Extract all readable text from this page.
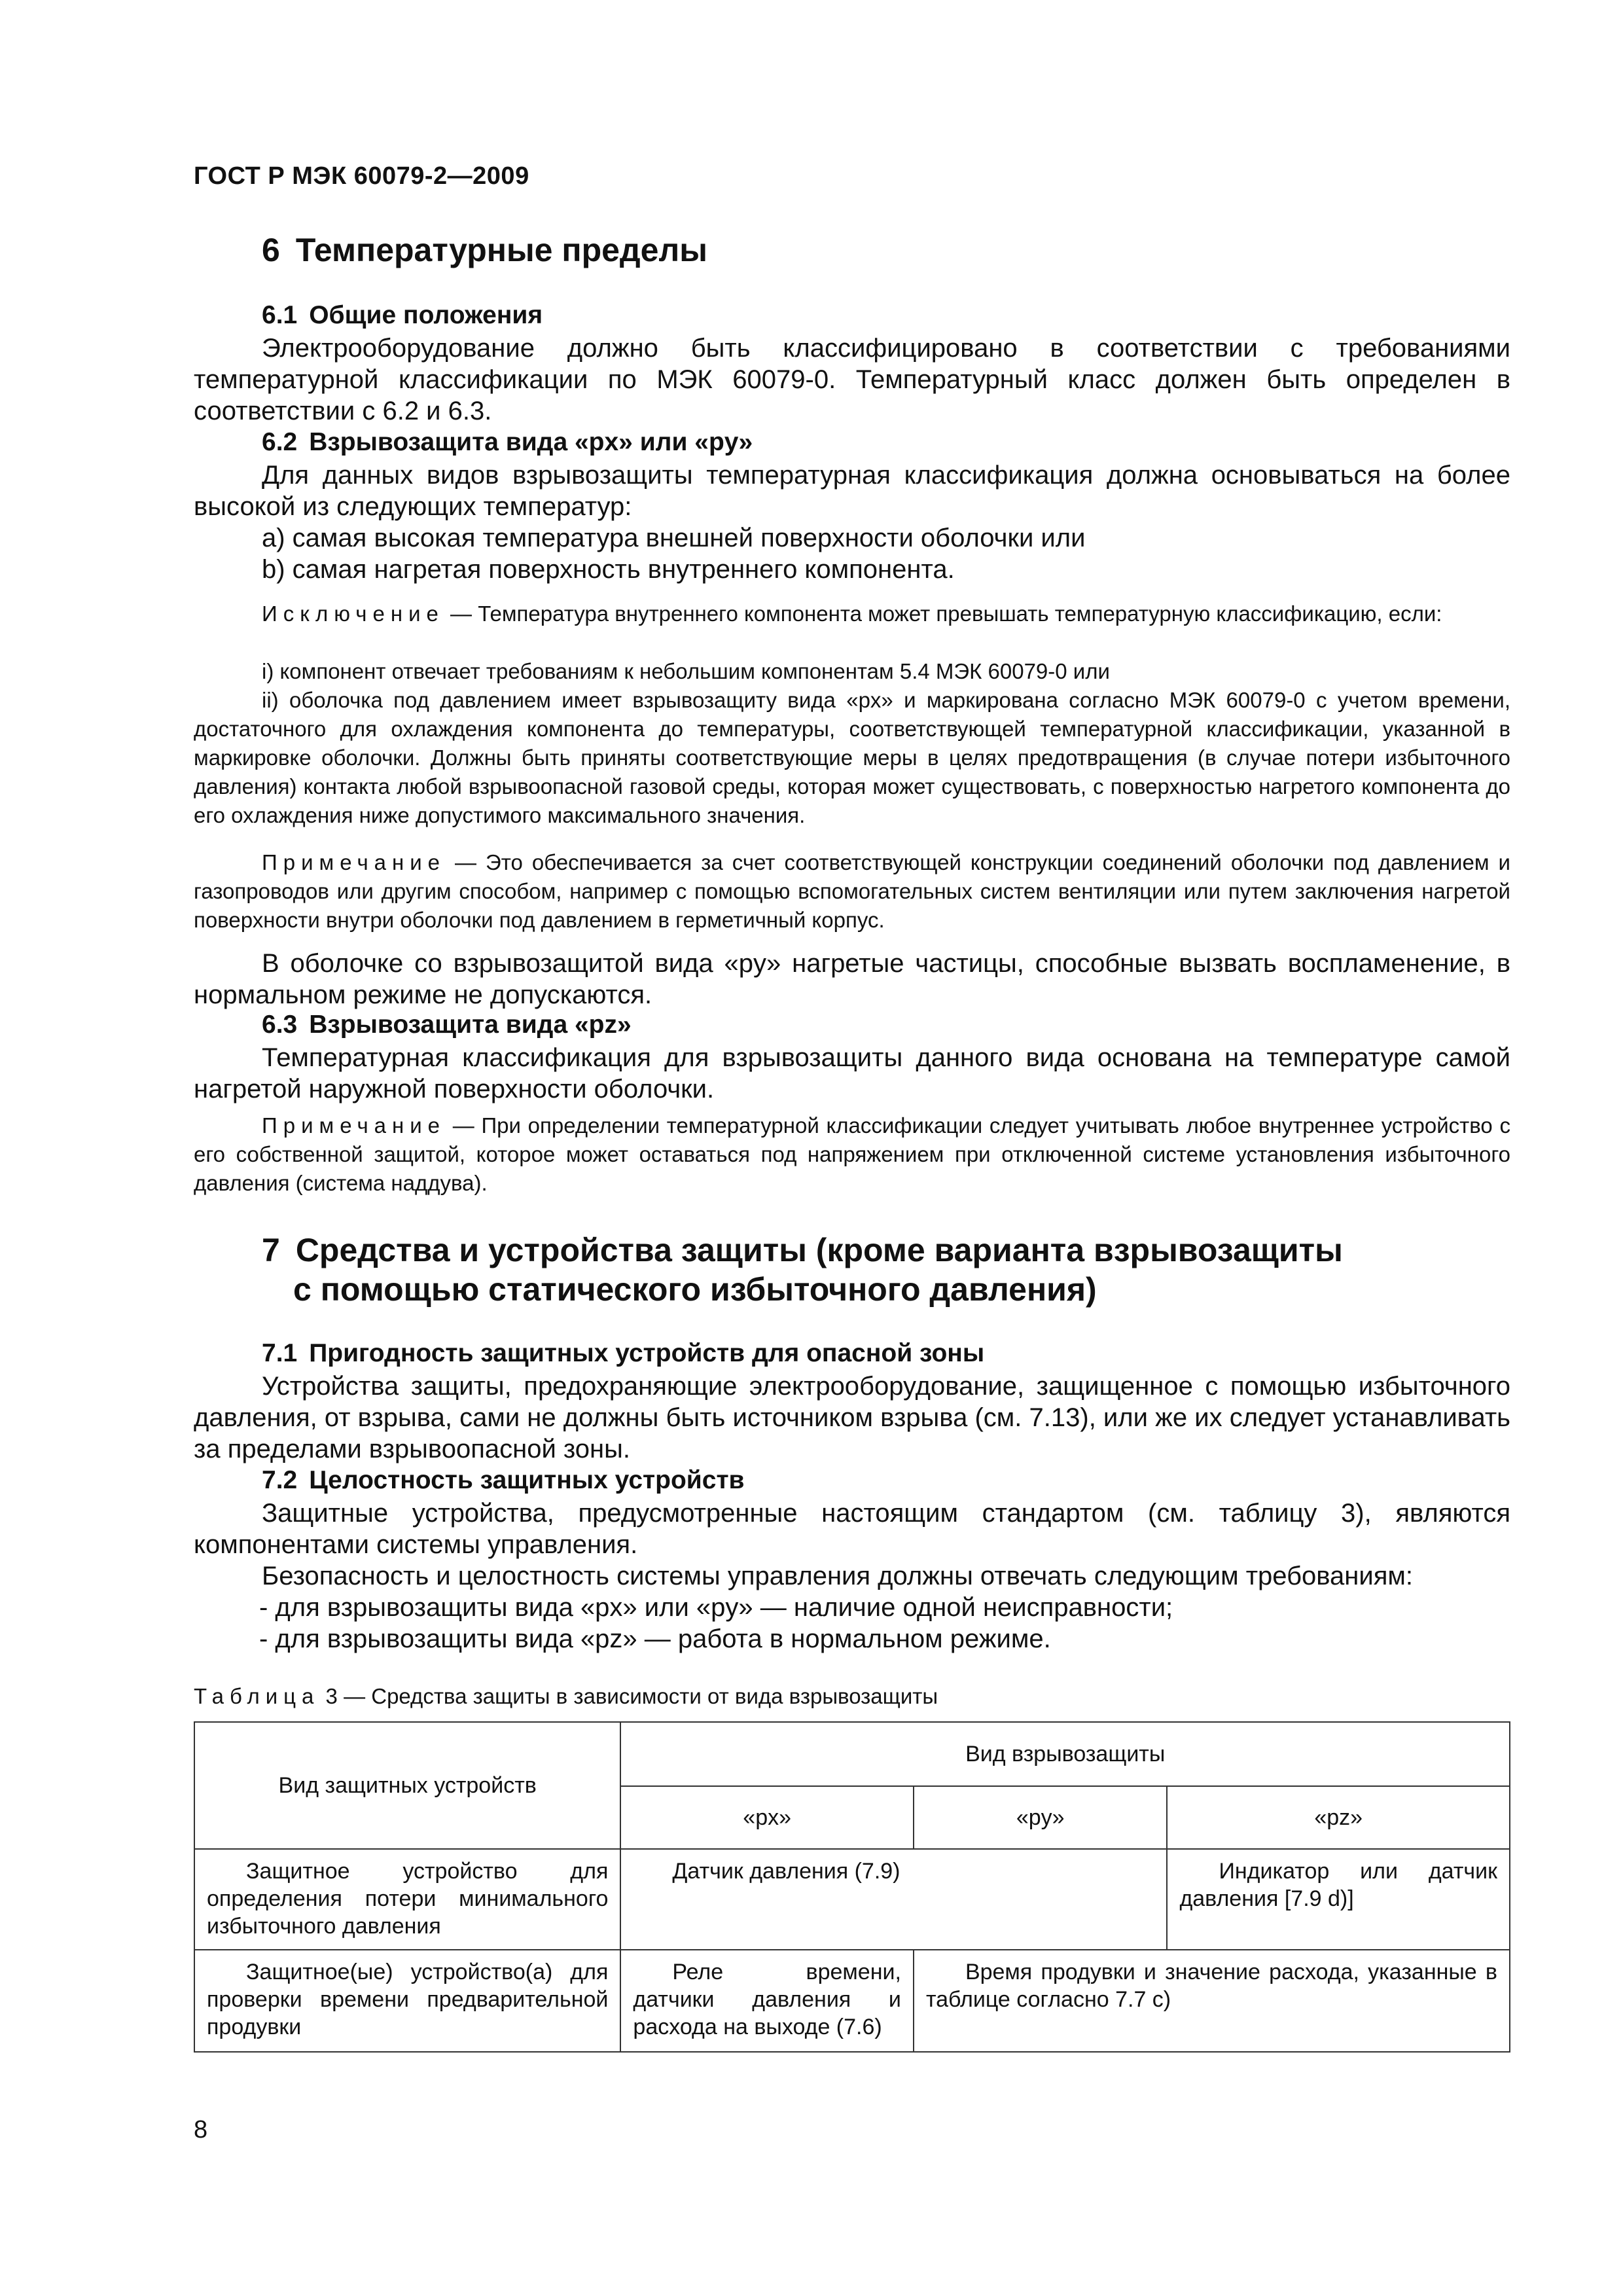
ГОСТ Р МЭК 60079-2—2009
6 Температурные пределы
6.1 Общие положения

Электрооборудование должно быть классифицировано в соответствии с требованиями температурной классификации по МЭК 60079-0. Температурный класс должен быть определен в соответствии с 6.2 и 6.3.

6.2 Взрывозащита вида «px» или «py»

Для данных видов взрывозащиты температурная классификация должна основываться на более высокой из следующих температур:

a) самая высокая температура внешней поверхности оболочки или

b) самая нагретая поверхность внутреннего компонента.

Исключение — Температура внутреннего компонента может превышать температурную классификацию, если:

i) компонент отвечает требованиям к небольшим компонентам 5.4 МЭК 60079-0 или

ii) оболочка под давлением имеет взрывозащиту вида «px» и маркирована согласно МЭК 60079-0 с учетом времени, достаточного для охлаждения компонента до температуры, соответствующей температурной классификации, указанной в маркировке оболочки. Должны быть приняты соответствующие меры в целях предотвращения (в случае потери избыточного давления) контакта любой взрывоопасной газовой среды, которая может существовать, с поверхностью нагретого компонента до его охлаждения ниже допустимого максимального значения.

Примечание — Это обеспечивается за счет соответствующей конструкции соединений оболочки под давлением и газопроводов или другим способом, например с помощью вспомогательных систем вентиляции или путем заключения нагретой поверхности внутри оболочки под давлением в герметичный корпус.

В оболочке со взрывозащитой вида «py» нагретые частицы, способные вызвать воспламенение, в нормальном режиме не допускаются.

6.3 Взрывозащита вида «pz»

Температурная классификация для взрывозащиты данного вида основана на температуре самой нагретой наружной поверхности оболочки.

Примечание — При определении температурной классификации следует учитывать любое внутреннее устройство с его собственной защитой, которое может оставаться под напряжением при отключенной системе установления избыточного давления (система наддува).

7 Средства и устройства защиты (кроме варианта взрывозащиты
с помощью статического избыточного давления)
7.1 Пригодность защитных устройств для опасной зоны

Устройства защиты, предохраняющие электрооборудование, защищенное с помощью избыточного давления, от взрыва, сами не должны быть источником взрыва (см. 7.13), или же их следует устанавливать за пределами взрывоопасной зоны.

7.2 Целостность защитных устройств

Защитные устройства, предусмотренные настоящим стандартом (см. таблицу 3), являются компонентами системы управления.

Безопасность и целостность системы управления должны отвечать следующим требованиям:

- для взрывозащиты вида «px» или «py» — наличие одной неисправности;

- для взрывозащиты вида «pz» — работа в нормальном режиме.

Таблица 3 — Средства защиты в зависимости от вида взрывозащиты
Вид защитных устройств	Вид взрывозащиты		
	«px»	«py»	«pz»
Защитное устройство для определения потери минимального избыточного давления	Датчик давления (7.9)		Индикатор или датчик давления [7.9 d)]
Защитное(ые) устройство(а) для проверки времени предварительной продувки	Реле времени, датчики давления и расхода на выходе (7.6)	Время продувки и значение расхода, указанные в таблице согласно 7.7 c)	
8
